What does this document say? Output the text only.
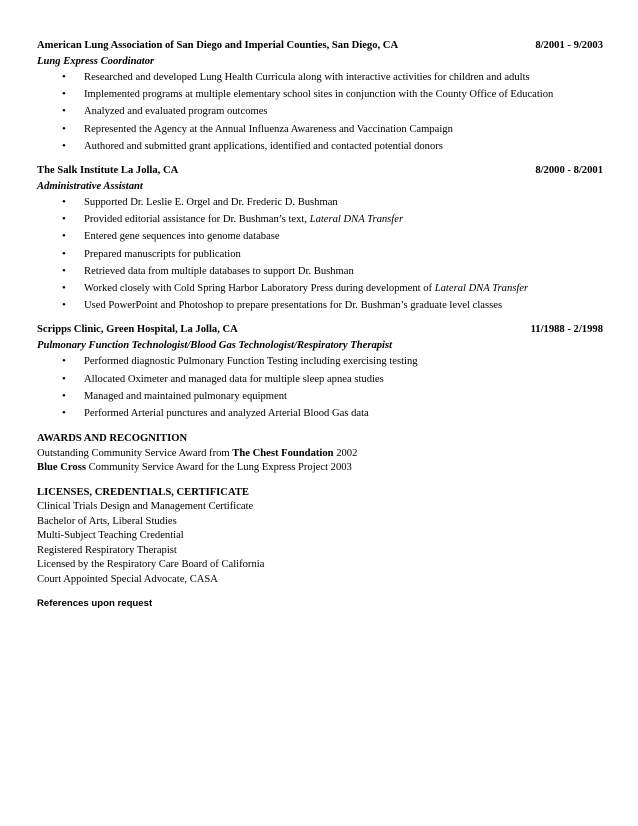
American Lung Association of San Diego and Imperial Counties, San Diego, CA	8/2001 - 9/2003
Lung Express Coordinator
• Researched and developed Lung Health Curricula along with interactive activities for children and adults
• Implemented programs at multiple elementary school sites in conjunction with the County Office of Education
• Analyzed and evaluated program outcomes
• Represented the Agency at the Annual Influenza Awareness and Vaccination Campaign
• Authored and submitted grant applications, identified and contacted potential donors
The Salk Institute La Jolla, CA	8/2000 - 8/2001
Administrative Assistant
• Supported Dr. Leslie E. Orgel and Dr. Frederic D. Bushman
• Provided editorial assistance for Dr. Bushman’s text, Lateral DNA Transfer
• Entered gene sequences into genome database
• Prepared manuscripts for publication
• Retrieved data from multiple databases to support Dr. Bushman
• Worked closely with Cold Spring Harbor Laboratory Press during development of Lateral DNA Transfer
• Used PowerPoint and Photoshop to prepare presentations for Dr. Bushman’s graduate level classes
Scripps Clinic, Green Hospital, La Jolla, CA	11/1988 - 2/1998
Pulmonary Function Technologist/Blood Gas Technologist/Respiratory Therapist
• Performed diagnostic Pulmonary Function Testing including exercising testing
• Allocated Oximeter and managed data for multiple sleep apnea studies
• Managed and maintained pulmonary equipment
• Performed Arterial punctures and analyzed Arterial Blood Gas data
AWARDS AND RECOGNITION
Outstanding Community Service Award from The Chest Foundation 2002
Blue Cross Community Service Award for the Lung Express Project 2003
LICENSES, CREDENTIALS, CERTIFICATE
Clinical Trials Design and Management Certificate
Bachelor of Arts, Liberal Studies
Multi-Subject Teaching Credential
Registered Respiratory Therapist
Licensed by the Respiratory Care Board of California
Court Appointed Special Advocate, CASA
References upon request
